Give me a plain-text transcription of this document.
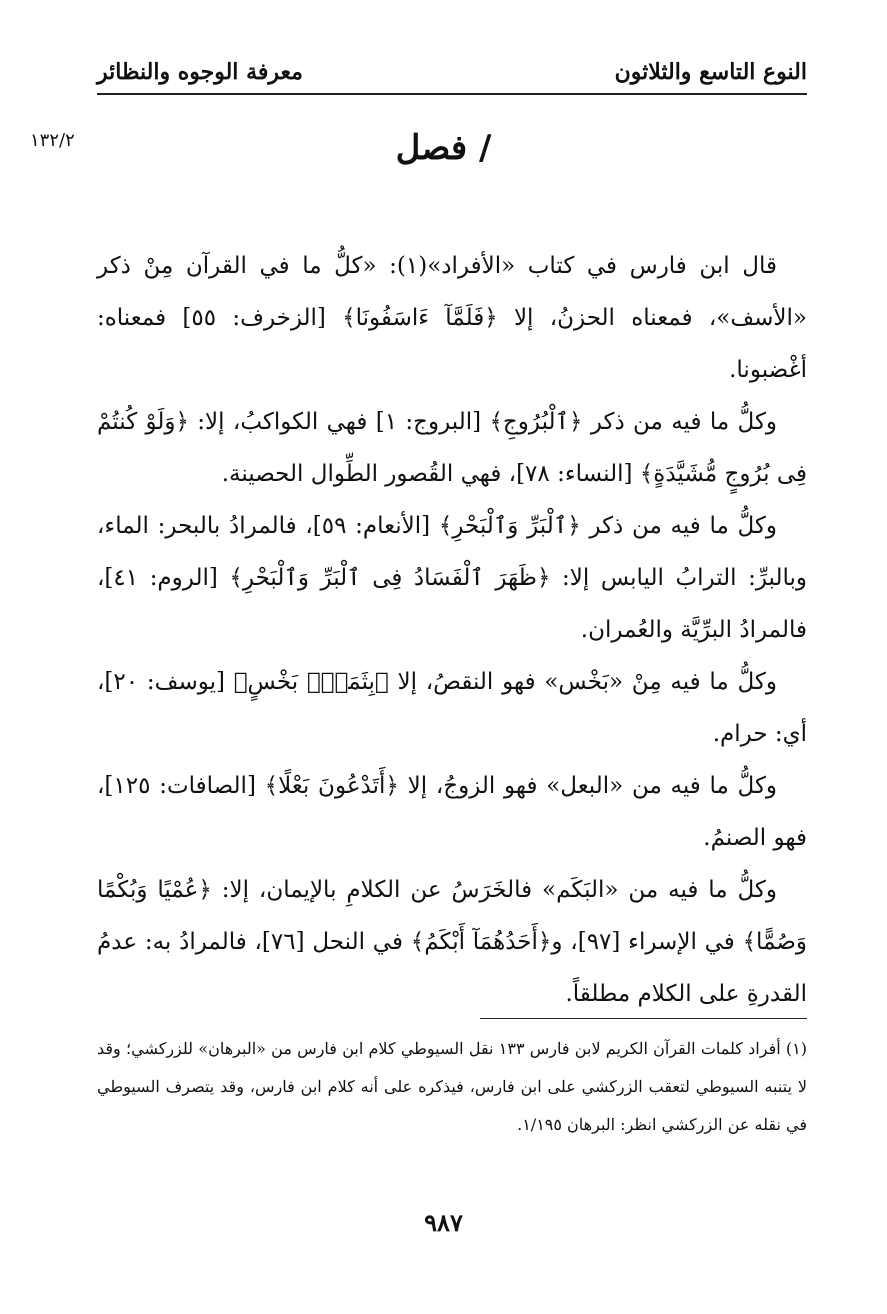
النوع التاسع والثلاثون
معرفة الوجوه والنظائر
١٣٢/٢	/ فصل

قال ابن فارس في كتاب «الأفراد»(١): «كلُّ ما في القرآن مِنْ ذكر «الأسف»، فمعناه الحزنُ، إلا ﴿فَلَمَّآ ءَاسَفُونَا﴾ [الزخرف: ٥٥] فمعناه: أغْضبونا.

وكلُّ ما فيه من ذكر ﴿ٱلْبُرُوجِ﴾ [البروج: ١] فهي الكواكبُ، إلا: ﴿وَلَوْ كُنتُمْ فِى بُرُوجٍ مُّشَيَّدَةٍ﴾ [النساء: ٧٨]، فهي القُصور الطِّوال الحصينة.

وكلُّ ما فيه من ذكر ﴿ٱلْبَرِّ وَٱلْبَحْرِ﴾ [الأنعام: ٥٩]، فالمرادُ بالبحر: الماء، وبالبرِّ: الترابُ اليابس إلا: ﴿ظَهَرَ ٱلْفَسَادُ فِى ٱلْبَرِّ وَٱلْبَحْرِ﴾ [الروم: ٤١]، فالمرادُ البرِّيَّة والعُمران.

وكلُّ ما فيه مِنْ «بَخْس» فهو النقصُ، إلا ﴿بِثَمَنٍۭ بَخْسٍ﴾ [يوسف: ٢٠]، أي: حرام.

وكلُّ ما فيه من «البعل» فهو الزوجُ، إلا ﴿أَتَدْعُونَ بَعْلًا﴾ [الصافات: ١٢٥]، فهو الصنمُ.

وكلُّ ما فيه من «البَكَم» فالخَرَسُ عن الكلامِ بالإيمان، إلا: ﴿عُمْيًا وَبُكْمًا وَصُمًّا﴾ في الإسراء [٩٧]، و﴿أَحَدُهُمَآ أَبْكَمُ﴾ في النحل [٧٦]، فالمرادُ به: عدمُ القدرةِ على الكلام مطلقاً.

(١) أفراد كلمات القرآن الكريم لابن فارس ١٣٣ نقل السيوطي كلام ابن فارس من «البرهان» للزركشي؛ وقد لا يتنبه السيوطي لتعقب الزركشي على ابن فارس، فيذكره على أنه كلام ابن فارس، وقد يتصرف السيوطي في نقله عن الزركشي انظر: البرهان ١/١٩٥.

٩٨٧
